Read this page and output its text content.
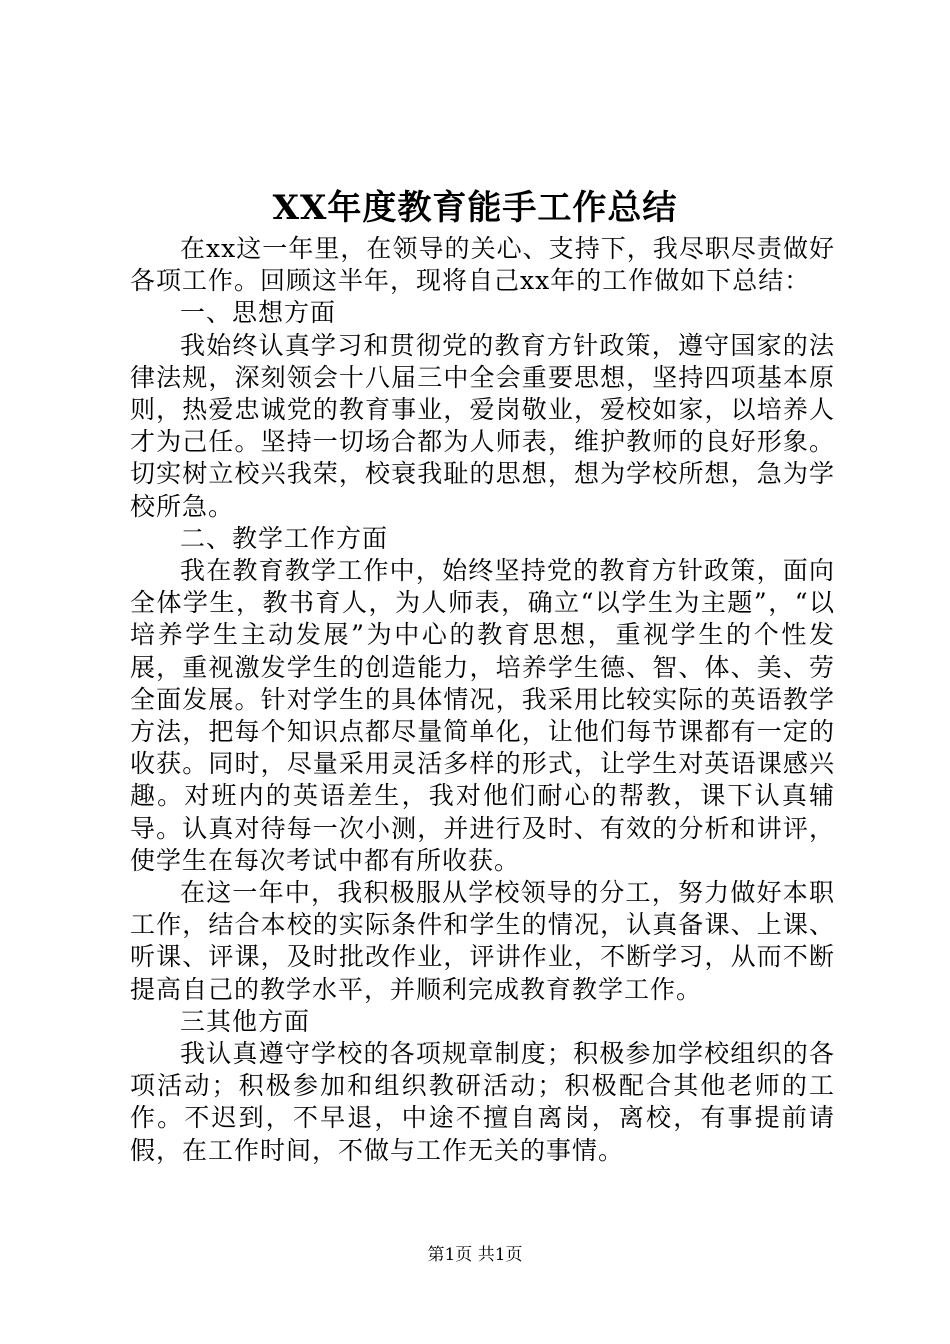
XX年度教育能手工作总结

在xx这一年里，在领导的关心、支持下，我尽职尽责做好各项工作。回顾这半年，现将自己xx年的工作做如下总结：

一、思想方面

我始终认真学习和贯彻党的教育方针政策，遵守国家的法律法规，深刻领会十八届三中全会重要思想，坚持四项基本原则，热爱忠诚党的教育事业，爱岗敬业，爱校如家，以培养人才为己任。坚持一切场合都为人师表，维护教师的良好形象。切实树立校兴我荣，校衰我耻的思想，想为学校所想，急为学校所急。

二、教学工作方面

我在教育教学工作中，始终坚持党的教育方针政策，面向全体学生，教书育人，为人师表，确立“以学生为主题”，“以培养学生主动发展”为中心的教育思想，重视学生的个性发展，重视激发学生的创造能力，培养学生德、智、体、美、劳全面发展。针对学生的具体情况，我采用比较实际的英语教学方法，把每个知识点都尽量简单化，让他们每节课都有一定的收获。同时，尽量采用灵活多样的形式，让学生对英语课感兴趣。对班内的英语差生，我对他们耐心的帮教，课下认真辅导。认真对待每一次小测，并进行及时、有效的分析和讲评，使学生在每次考试中都有所收获。

在这一年中，我积极服从学校领导的分工，努力做好本职工作，结合本校的实际条件和学生的情况，认真备课、上课、听课、评课，及时批改作业，评讲作业，不断学习，从而不断提高自己的教学水平，并顺利完成教育教学工作。

三其他方面

我认真遵守学校的各项规章制度；积极参加学校组织的各项活动；积极参加和组织教研活动；积极配合其他老师的工作。不迟到，不早退，中途不擅自离岗，离校，有事提前请假，在工作时间，不做与工作无关的事情。

第1页 共1页
